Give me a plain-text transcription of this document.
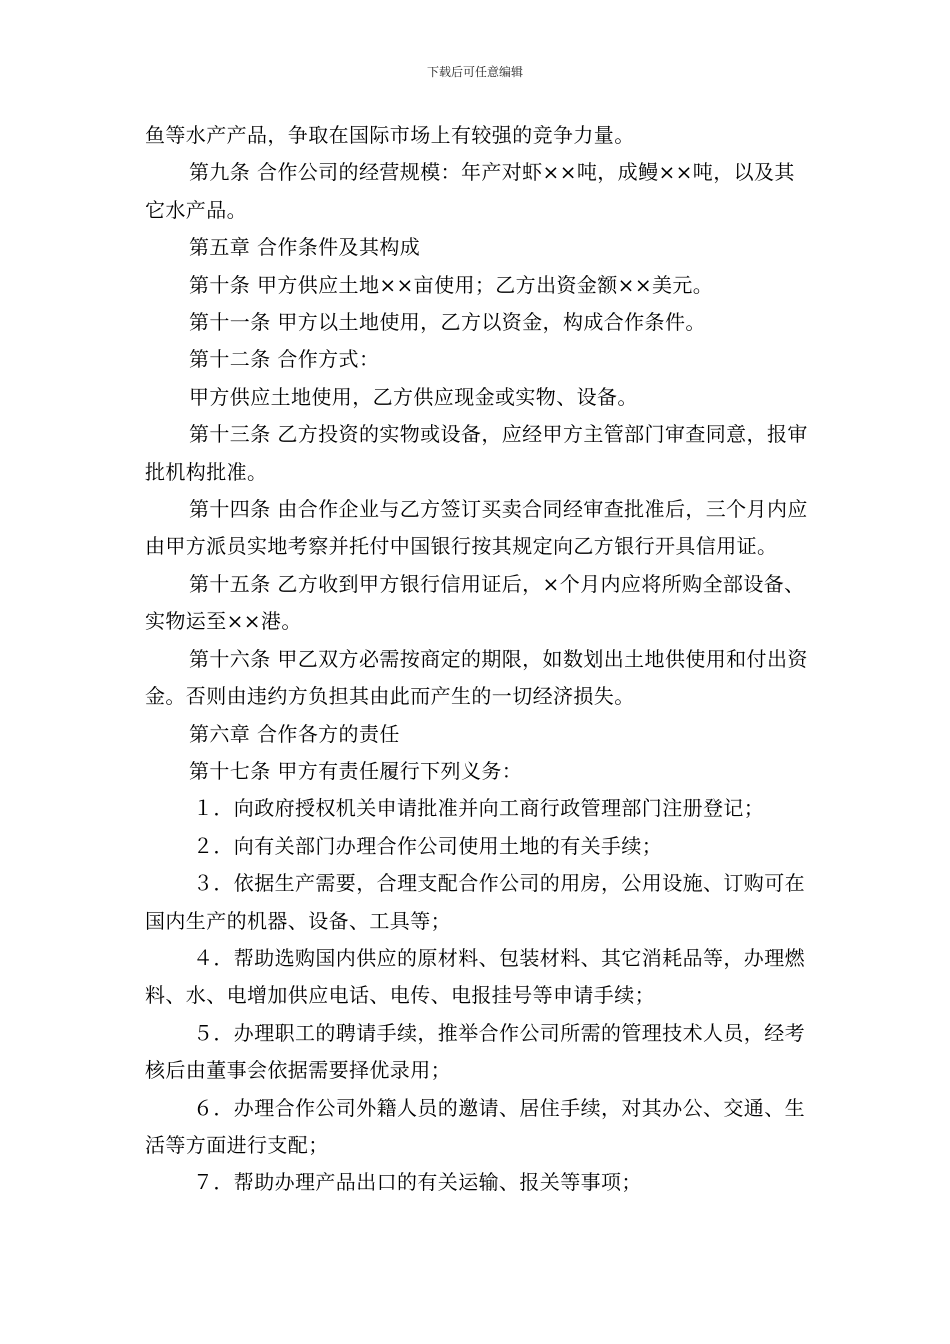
下载后可任意编辑

鱼等水产产品，争取在国际市场上有较强的竞争力量。

第九条 合作公司的经营规模：年产对虾××吨，成鳗××吨，以及其它水产品。

第五章 合作条件及其构成

第十条 甲方供应土地××亩使用；乙方出资金额××美元。

第十一条 甲方以土地使用，乙方以资金，构成合作条件。

第十二条 合作方式：

甲方供应土地使用，乙方供应现金或实物、设备。

第十三条 乙方投资的实物或设备，应经甲方主管部门审查同意，报审批机构批准。

第十四条 由合作企业与乙方签订买卖合同经审查批准后，三个月内应由甲方派员实地考察并托付中国银行按其规定向乙方银行开具信用证。

第十五条 乙方收到甲方银行信用证后，×个月内应将所购全部设备、实物运至××港。

第十六条 甲乙双方必需按商定的期限，如数划出土地供使用和付出资金。否则由违约方负担其由此而产生的一切经济损失。

第六章 合作各方的责任

第十七条 甲方有责任履行下列义务：

１．向政府授权机关申请批准并向工商行政管理部门注册登记；

２．向有关部门办理合作公司使用土地的有关手续；

３．依据生产需要，合理支配合作公司的用房，公用设施、订购可在国内生产的机器、设备、工具等；

４．帮助选购国内供应的原材料、包装材料、其它消耗品等，办理燃料、水、电增加供应电话、电传、电报挂号等申请手续；

５．办理职工的聘请手续，推举合作公司所需的管理技术人员，经考核后由董事会依据需要择优录用；

６．办理合作公司外籍人员的邀请、居住手续，对其办公、交通、生活等方面进行支配；

７．帮助办理产品出口的有关运输、报关等事项；
